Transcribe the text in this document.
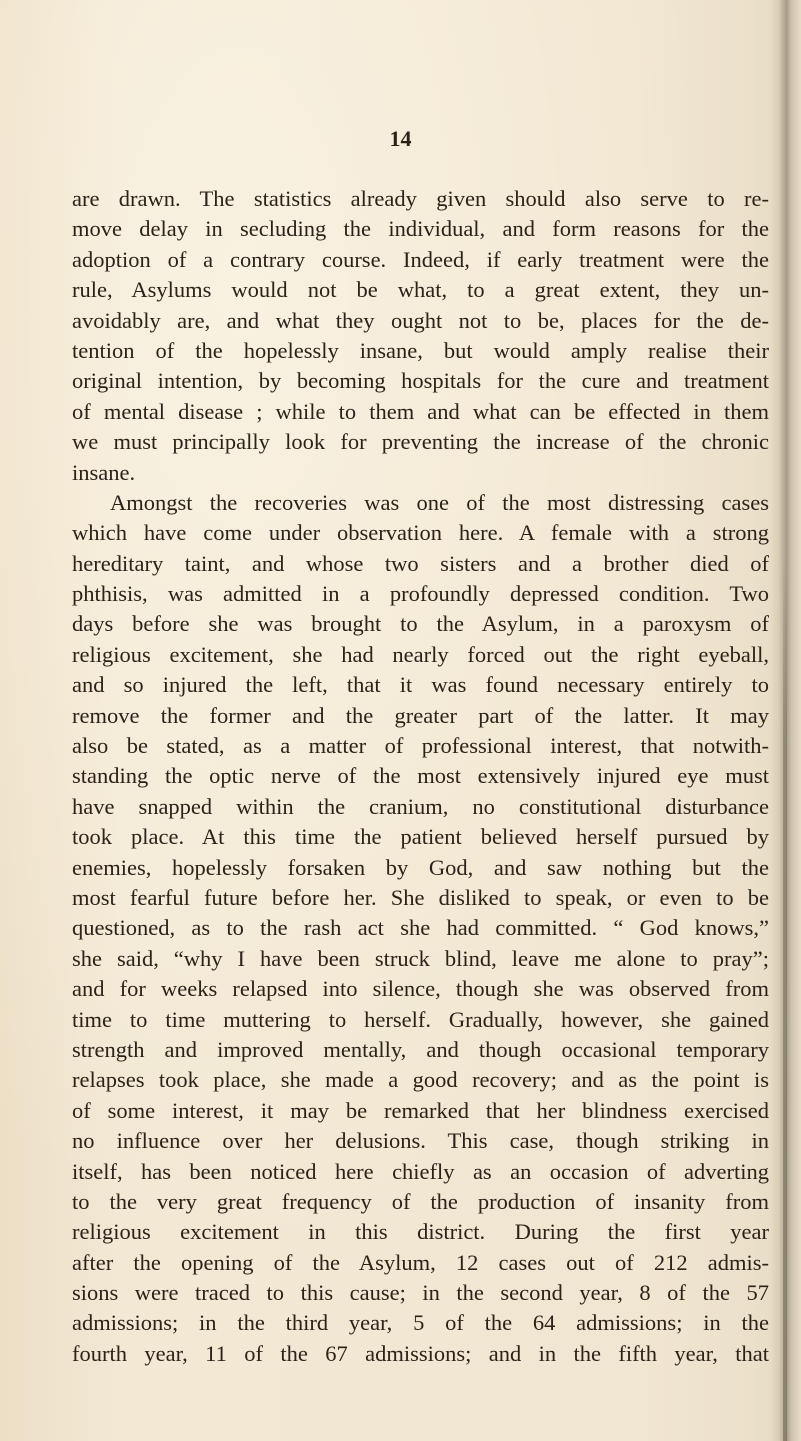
14
are drawn. The statistics already given should also serve to re-
move delay in secluding the individual, and form reasons for the
adoption of a contrary course. Indeed, if early treatment were the
rule, Asylums would not be what, to a great extent, they un-
avoidably are, and what they ought not to be, places for the de-
tention of the hopelessly insane, but would amply realise their
original intention, by becoming hospitals for the cure and treatment
of mental disease ; while to them and what can be effected in them
we must principally look for preventing the increase of the chronic
insane.
Amongst the recoveries was one of the most distressing cases
which have come under observation here. A female with a strong
hereditary taint, and whose two sisters and a brother died of
phthisis, was admitted in a profoundly depressed condition. Two
days before she was brought to the Asylum, in a paroxysm of
religious excitement, she had nearly forced out the right eyeball,
and so injured the left, that it was found necessary entirely to
remove the former and the greater part of the latter. It may
also be stated, as a matter of professional interest, that notwith-
standing the optic nerve of the most extensively injured eye must
have snapped within the cranium, no constitutional disturbance
took place. At this time the patient believed herself pursued by
enemies, hopelessly forsaken by God, and saw nothing but the
most fearful future before her. She disliked to speak, or even to be
questioned, as to the rash act she had committed. “ God knows,”
she said, “why I have been struck blind, leave me alone to pray”;
and for weeks relapsed into silence, though she was observed from
time to time muttering to herself. Gradually, however, she gained
strength and improved mentally, and though occasional temporary
relapses took place, she made a good recovery; and as the point is
of some interest, it may be remarked that her blindness exercised
no influence over her delusions. This case, though striking in
itself, has been noticed here chiefly as an occasion of adverting
to the very great frequency of the production of insanity from
religious excitement in this district. During the first year
after the opening of the Asylum, 12 cases out of 212 admis-
sions were traced to this cause; in the second year, 8 of the 57
admissions; in the third year, 5 of the 64 admissions; in the
fourth year, 11 of the 67 admissions; and in the fifth year, that
